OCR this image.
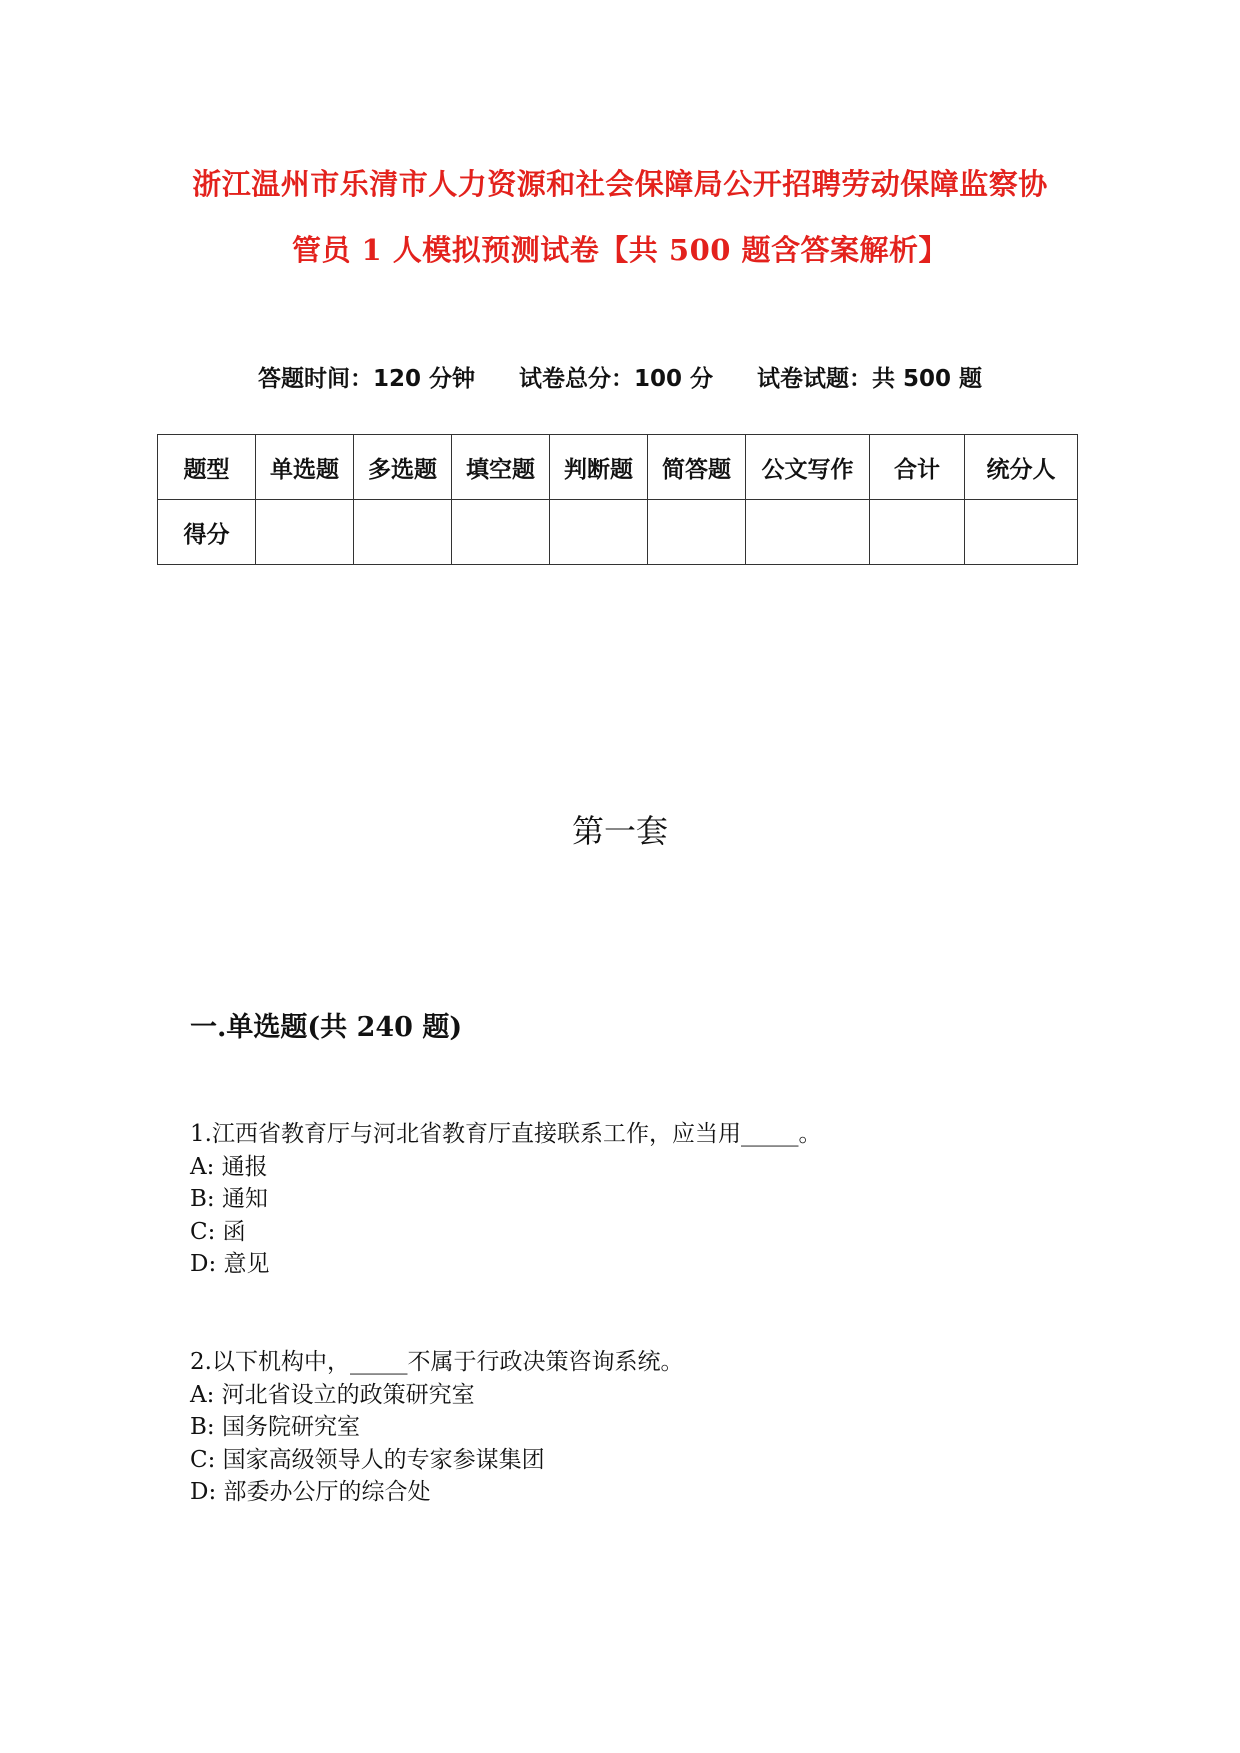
浙江温州市乐清市人力资源和社会保障局公开招聘劳动保障监察协
管员 1 人模拟预测试卷【共 500 题含答案解析】
答题时间：120 分钟 试卷总分：100 分 试卷试题：共 500 题
题型	单选题	多选题	填空题	判断题	简答题	公文写作	合计	统分人
得分								
第一套
一.单选题(共 240 题)
1.江西省教育厅与河北省教育厅直接联系工作，应当用_____。
A: 通报
B: 通知
C: 函
D: 意见
2.以下机构中，_____不属于行政决策咨询系统。
A: 河北省设立的政策研究室
B: 国务院研究室
C: 国家高级领导人的专家参谋集团
D: 部委办公厅的综合处
